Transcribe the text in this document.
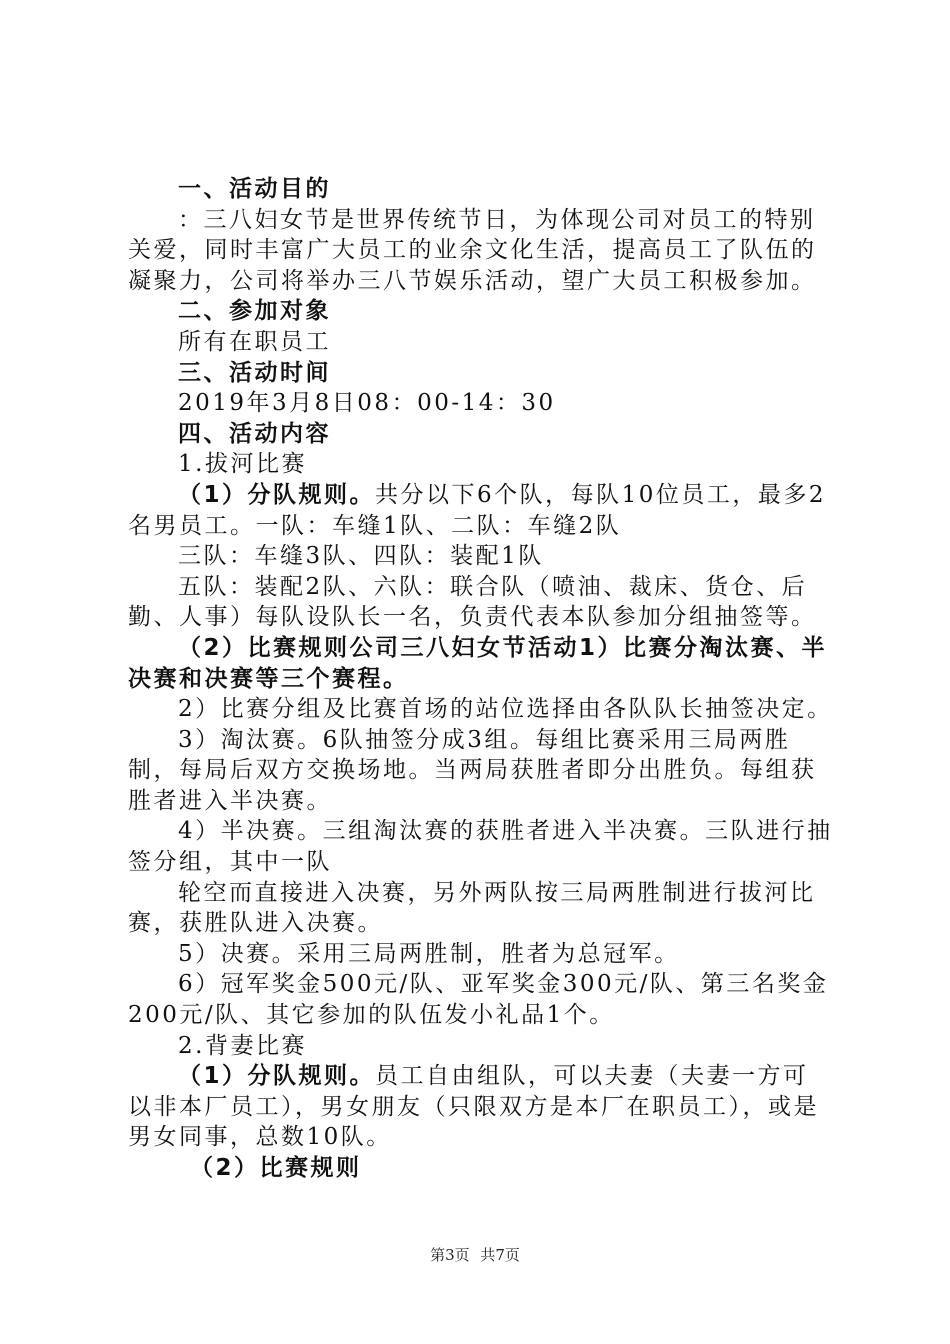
一、活动目的

：三八妇女节是世界传统节日，为体现公司对员工的特别关爱，同时丰富广大员工的业余文化生活，提高员工了队伍的凝聚力，公司将举办三八节娱乐活动，望广大员工积极参加。

二、参加对象

所有在职员工

三、活动时间

2019年3月8日08：00-14：30

四、活动内容

1.拔河比赛

（1）分队规则。共分以下6个队，每队10位员工，最多2名男员工。一队：车缝1队、二队：车缝2队

三队：车缝3队、四队：装配1队

五队：装配2队、六队：联合队（喷油、裁床、货仓、后勤、人事）每队设队长一名，负责代表本队参加分组抽签等。

（2）比赛规则公司三八妇女节活动1）比赛分淘汰赛、半决赛和决赛等三个赛程。

2）比赛分组及比赛首场的站位选择由各队队长抽签决定。

3）淘汰赛。6队抽签分成3组。每组比赛采用三局两胜制，每局后双方交换场地。当两局获胜者即分出胜负。每组获胜者进入半决赛。

4）半决赛。三组淘汰赛的获胜者进入半决赛。三队进行抽签分组，其中一队

轮空而直接进入决赛，另外两队按三局两胜制进行拔河比赛，获胜队进入决赛。

5）决赛。采用三局两胜制，胜者为总冠军。

6）冠军奖金500元/队、亚军奖金300元/队、第三名奖金200元/队、其它参加的队伍发小礼品1个。

2.背妻比赛

（1）分队规则。员工自由组队，可以夫妻（夫妻一方可以非本厂员工），男女朋友（只限双方是本厂在职员工），或是男女同事，总数10队。

（2）比赛规则

第3页 共7页
